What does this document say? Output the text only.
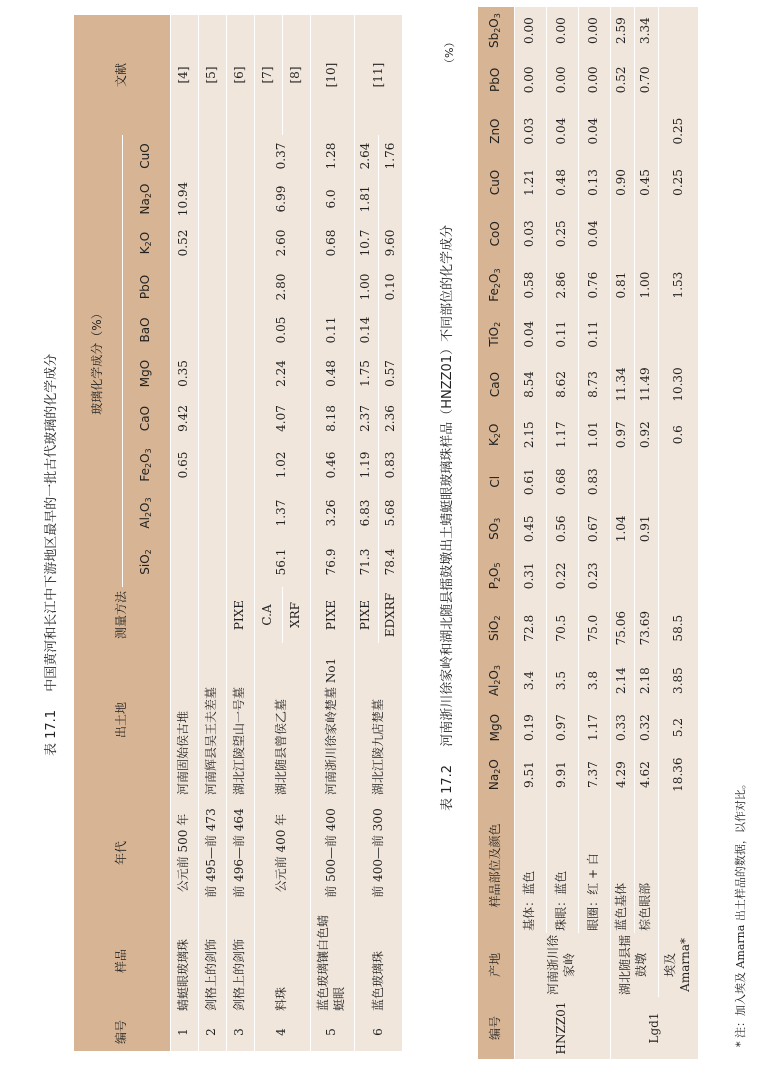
表 17.1 中国黄河和长江中下游地区最早的一批古代玻璃的化学成分
编号	样品	年代	出土地	测量方法	玻璃化学成分（%）										文献
					SiO$_2$	$Al_2O_3$	$Fe_2O_3$	CaO	MgO	BaO	PbO	$K_2O$	$Na_2O$	CuO	
1	蜻蜓眼玻璃珠	公元前 500 年	河南固始侯古堆				0.65	9.42	0.35			0.52	10.94		[4]
2	剑格上的剑饰	前 495—前 473	河南辉县吴王夫差墓												[5]
3	剑格上的剑饰	前 496—前 464	湖北江陵望山一号墓	PIXE											[6]
4	料珠	公元前 400 年	湖北随县曾侯乙墓	C.A	56.1	1.37	1.02	4.07	2.24	0.05	2.80	2.60	6.99	0.37	[7]
				XRF											[8]
5	蓝色玻璃镶白色蜻蜓眼	前 500—前 400	河南浙川徐家岭楚墓 No1	PIXE	76.9	3.26	0.46	8.18	0.48	0.11		0.68	6.0	1.28	[10]
6	蓝色玻璃珠	前 400—前 300	湖北江陵九店楚墓	PIXE	71.3	6.83	1.19	2.37	1.75	0.14	1.00	10.7	1.81	2.64	[11]
				EDXRF	78.4	5.68	0.83	2.36	0.57		0.10	9.60		1.76	
表 17.2 河南浙川徐家岭和湖北随县擂鼓墩出土蜻蜓眼玻璃珠样品（HNZZ01）不同部位的化学成分
（%）
编号	产地	样品部位及颜色	$Na_2O$	MgO	$Al_2O_3$	SiO$_2$	$P_2O_5$	$SO_3$	Cl	$K_2O$	CaO	TiO$_2$	$Fe_2O_3$	CoO	CuO	ZnO	PbO	$Sb_2O_3$
HNZZ01	河南浙川徐家岭	基体：蓝色	9.51	0.19	3.4	72.8	0.31	0.45	0.61	2.15	8.54	0.04	0.58	0.03	1.21	0.03	0.00	0.00
		珠眼：蓝色	9.91	0.97	3.5	70.5	0.22	0.56	0.68	1.17	8.62	0.11	2.86	0.25	0.48	0.04	0.00	0.00
		眼圈：红 + 白	7.37	1.17	3.8	75.0	0.23	0.67	0.83	1.01	8.73	0.11	0.76	0.04	0.13	0.04	0.00	0.00
Lgd1	湖北随县擂鼓墩	蓝色基体	4.29	0.33	2.14	75.06		1.04		0.97	11.34		0.81		0.90		0.52	2.59
		棕色眼部	4.62	0.32	2.18	73.69		0.91		0.92	11.49		1.00		0.45		0.70	3.34
	埃及 Amarna*		18.36	5.2	3.85	58.5				0.6	10.30		1.53		0.25	0.25		
* 注：加入埃及 Amarna 出土样品的数据，以作对比。
